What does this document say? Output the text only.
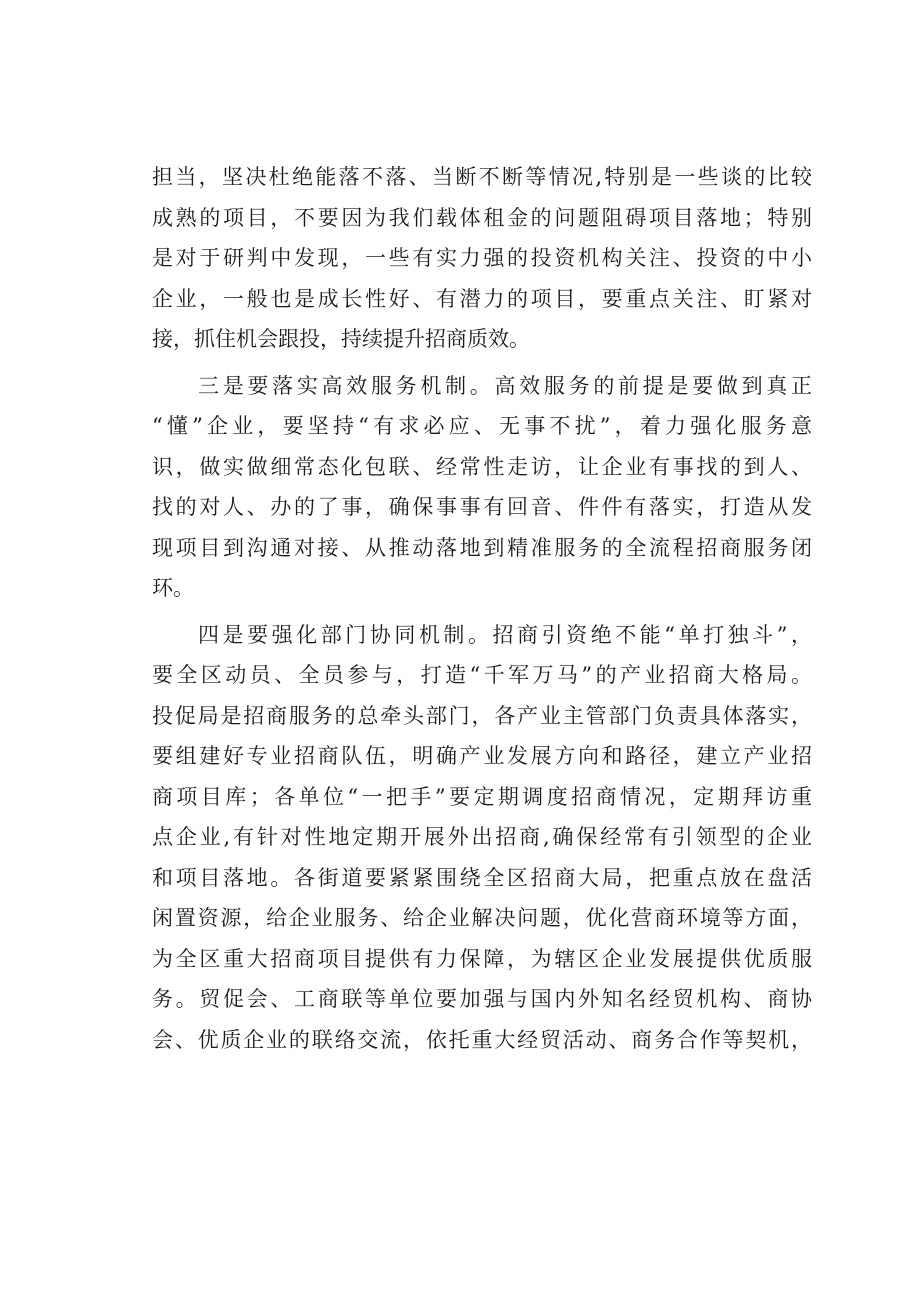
担当，坚决杜绝能落不落、当断不断等情况,特别是一些谈的比较
成熟的项目，不要因为我们载体租金的问题阻碍项目落地；特别
是对于研判中发现，一些有实力强的投资机构关注、投资的中小
企业，一般也是成长性好、有潜力的项目，要重点关注、盯紧对
接，抓住机会跟投，持续提升招商质效。
三是要落实高效服务机制。高效服务的前提是要做到真正
“懂”企业，要坚持“有求必应、无事不扰”，着力强化服务意
识，做实做细常态化包联、经常性走访，让企业有事找的到人、
找的对人、办的了事，确保事事有回音、件件有落实，打造从发
现项目到沟通对接、从推动落地到精准服务的全流程招商服务闭
环。
四是要强化部门协同机制。招商引资绝不能“单打独斗”，
要全区动员、全员参与，打造“千军万马”的产业招商大格局。
投促局是招商服务的总牵头部门，各产业主管部门负责具体落实，
要组建好专业招商队伍，明确产业发展方向和路径，建立产业招
商项目库；各单位“一把手”要定期调度招商情况，定期拜访重
点企业,有针对性地定期开展外出招商,确保经常有引领型的企业
和项目落地。各街道要紧紧围绕全区招商大局，把重点放在盘活
闲置资源，给企业服务、给企业解决问题，优化营商环境等方面，
为全区重大招商项目提供有力保障，为辖区企业发展提供优质服
务。贸促会、工商联等单位要加强与国内外知名经贸机构、商协
会、优质企业的联络交流，依托重大经贸活动、商务合作等契机，
